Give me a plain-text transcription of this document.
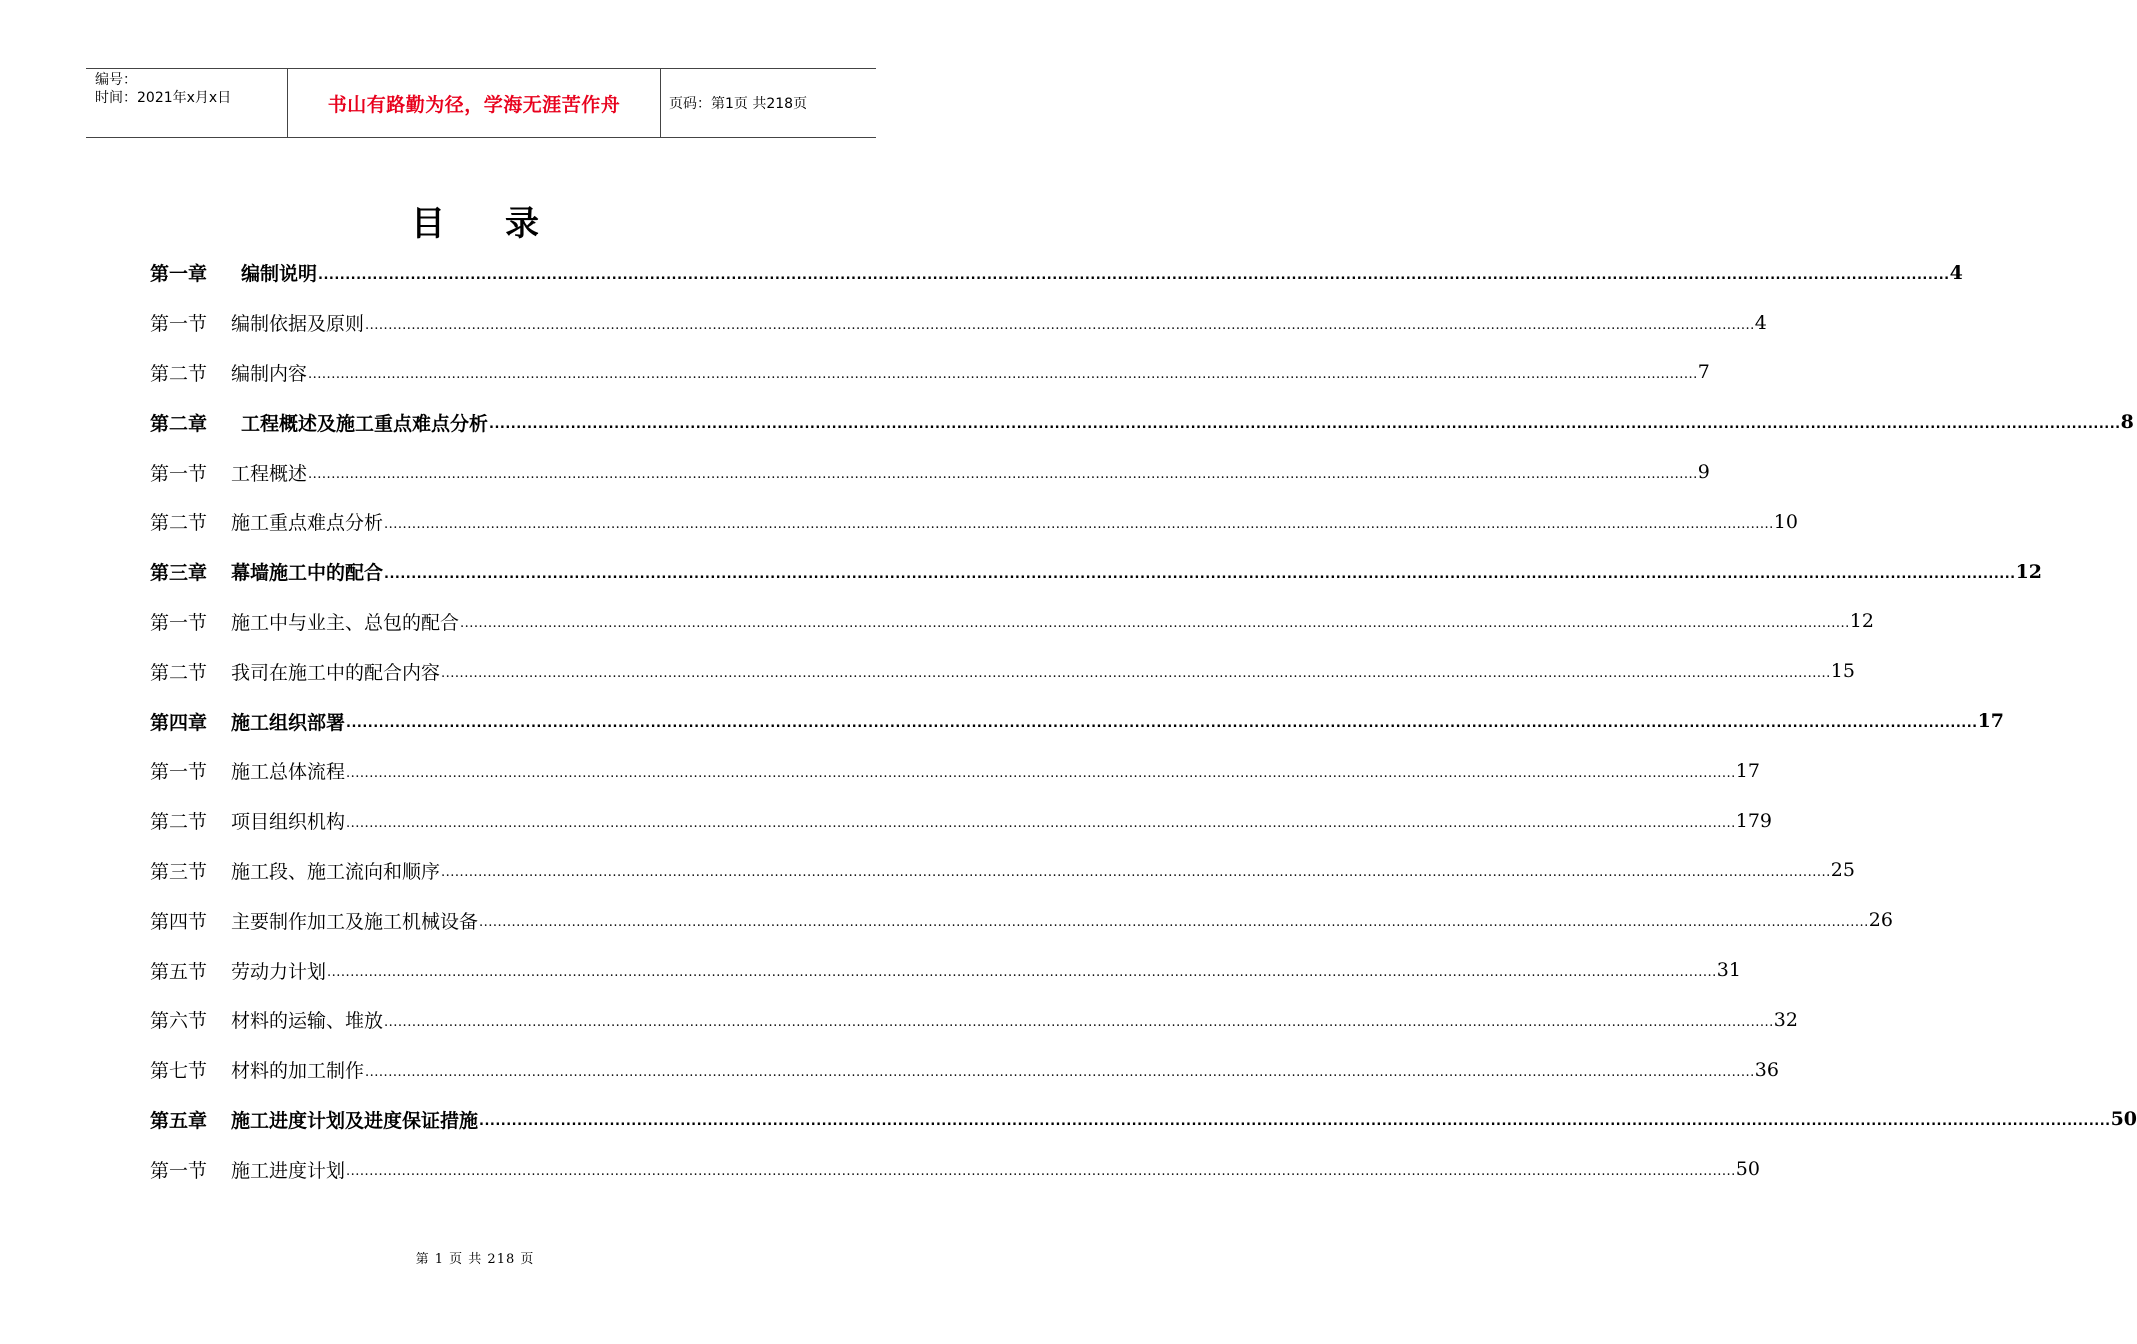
编号：
时间：2021年x月x日	书山有路勤为径，学海无涯苦作舟	页码：第1页 共218页
目录
第一章 编制说明 ............................................................................................................................................................................................................................................................................................................ 4
第一节 编制依据及原则 ............................................................................................................................................................................................................................................................................................................ 4
第二节 编制内容 ............................................................................................................................................................................................................................................................................................................ 7
第二章 工程概述及施工重点难点分析 ............................................................................................................................................................................................................................................................................................................ 8
第一节 工程概述 ............................................................................................................................................................................................................................................................................................................ 9
第二节 施工重点难点分析 ............................................................................................................................................................................................................................................................................................................ 10
第三章 幕墙施工中的配合 ............................................................................................................................................................................................................................................................................................................ 12
第一节 施工中与业主、总包的配合 ............................................................................................................................................................................................................................................................................................................ 12
第二节 我司在施工中的配合内容 ............................................................................................................................................................................................................................................................................................................ 15
第四章 施工组织部署 ............................................................................................................................................................................................................................................................................................................ 17
第一节 施工总体流程 ............................................................................................................................................................................................................................................................................................................ 17
第二节 项目组织机构 ............................................................................................................................................................................................................................................................................................................ 179
第三节 施工段、施工流向和顺序 ............................................................................................................................................................................................................................................................................................................ 25
第四节 主要制作加工及施工机械设备 ............................................................................................................................................................................................................................................................................................................ 26
第五节 劳动力计划 ............................................................................................................................................................................................................................................................................................................ 31
第六节 材料的运输、堆放 ............................................................................................................................................................................................................................................................................................................ 32
第七节 材料的加工制作 ............................................................................................................................................................................................................................................................................................................ 36
第五章 施工进度计划及进度保证措施 ............................................................................................................................................................................................................................................................................................................ 50
第一节 施工进度计划 ............................................................................................................................................................................................................................................................................................................ 50
第 1 页 共 218 页
